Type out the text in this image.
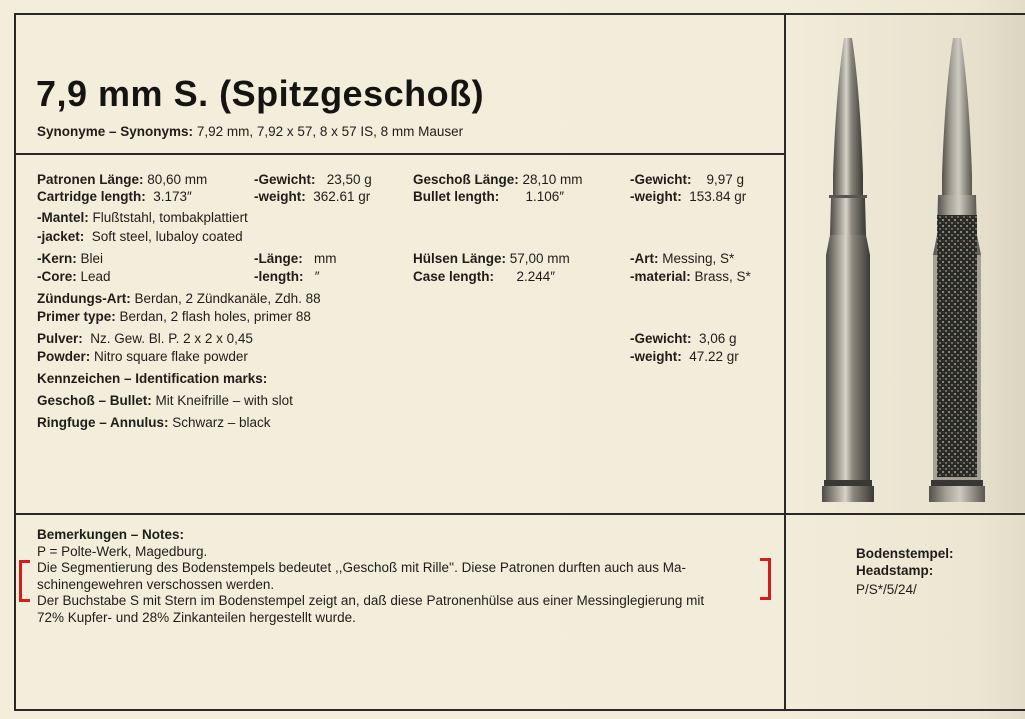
7,9 mm S. (Spitzgeschoß)
Synonyme – Synonyms: 7,92 mm, 7,92 x 57, 8 x 57 IS, 8 mm Mauser
Patronen Länge: 80,60 mm
Cartridge length:  3.173″
-Gewicht:   23,50 g
-weight:  362.61 gr
Geschoß Länge: 28,10 mm
Bullet length:       1.106″
-Gewicht:    9,97 g
-weight:  153.84 gr
-Mantel: Flußtstahl, tombakplattiert
-jacket:  Soft steel, lubaloy coated
-Kern: Blei
-Core: Lead
-Länge:   mm
-length:   ″
Hülsen Länge: 57,00 mm
Case length:      2.244″
-Art: Messing, S*
-material: Brass, S*
Zündungs-Art: Berdan, 2 Zündkanäle, Zdh. 88
Primer type: Berdan, 2 flash holes, primer 88
Pulver:  Nz. Gew. Bl. P. 2 x 2 x 0,45
Powder: Nitro square flake powder
-Gewicht:  3,06 g
-weight:  47.22 gr
Kennzeichen – Identification marks:
Geschoß – Bullet: Mit Kneifrille – with slot
Ringfuge – Annulus: Schwarz – black
Bemerkungen – Notes:
P = Polte-Werk, Magedburg.
Die Segmentierung des Bodenstempels bedeutet ,,Geschoß mit Rille''. Diese Patronen durften auch aus Ma-
schinengewehren verschossen werden.
Der Buchstabe S mit Stern im Bodenstempel zeigt an, daß diese Patronenhülse aus einer Messinglegierung mit
72% Kupfer- und 28% Zinkanteilen hergestellt wurde.
Bodenstempel:
Headstamp:
P/S*/5/24/
